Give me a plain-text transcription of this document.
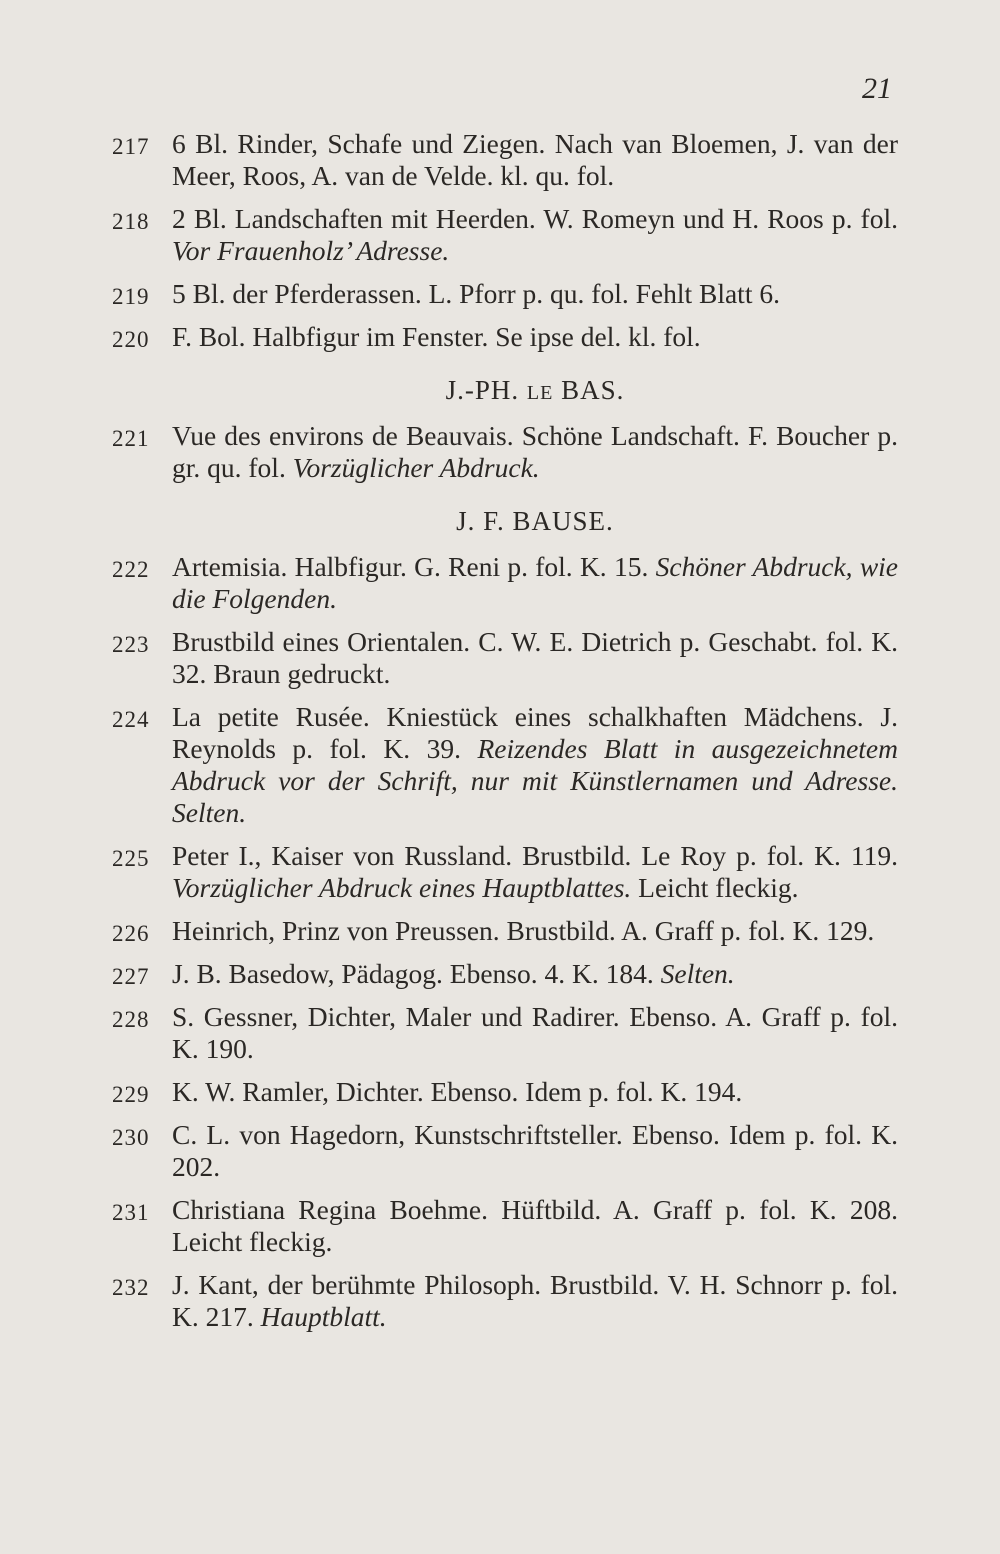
21
217 6 Bl. Rinder, Schafe und Ziegen. Nach van Bloemen, J. van der Meer, Roos, A. van de Velde. kl. qu. fol.
218 2 Bl. Landschaften mit Heerden. W. Romeyn und H. Roos p. fol. Vor Frauenholz’ Adresse.
219 5 Bl. der Pferderassen. L. Pforr p. qu. fol. Fehlt Blatt 6.
220 F. Bol. Halbfigur im Fenster. Se ipse del. kl. fol.
J.-PH. LE BAS.
221 Vue des environs de Beauvais. Schöne Landschaft. F. Boucher p. gr. qu. fol. Vorzüglicher Abdruck.
J. F. BAUSE.
222 Artemisia. Halbfigur. G. Reni p. fol. K. 15. Schöner Abdruck, wie die Folgenden.
223 Brustbild eines Orientalen. C. W. E. Dietrich p. Geschabt. fol. K. 32. Braun gedruckt.
224 La petite Rusée. Kniestück eines schalkhaften Mädchens. J. Reynolds p. fol. K. 39. Reizendes Blatt in ausgezeichnetem Abdruck vor der Schrift, nur mit Künstlernamen und Adresse. Selten.
225 Peter I., Kaiser von Russland. Brustbild. Le Roy p. fol. K. 119. Vorzüglicher Abdruck eines Hauptblattes. Leicht fleckig.
226 Heinrich, Prinz von Preussen. Brustbild. A. Graff p. fol. K. 129.
227 J. B. Basedow, Pädagog. Ebenso. 4. K. 184. Selten.
228 S. Gessner, Dichter, Maler und Radirer. Ebenso. A. Graff p. fol. K. 190.
229 K. W. Ramler, Dichter. Ebenso. Idem p. fol. K. 194.
230 C. L. von Hagedorn, Kunstschriftsteller. Ebenso. Idem p. fol. K. 202.
231 Christiana Regina Boehme. Hüftbild. A. Graff p. fol. K. 208. Leicht fleckig.
232 J. Kant, der berühmte Philosoph. Brustbild. V. H. Schnorr p. fol. K. 217. Hauptblatt.
